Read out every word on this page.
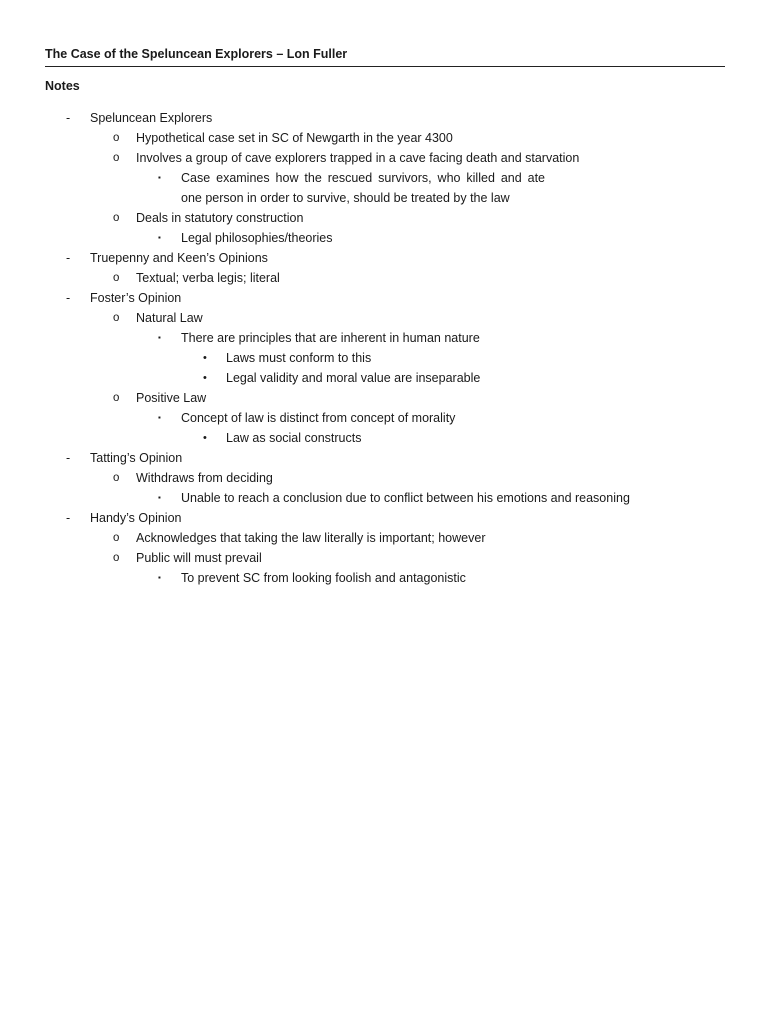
The Case of the Speluncean Explorers – Lon Fuller
Notes
-	Speluncean Explorers
o	Hypothetical case set in SC of Newgarth in the year 4300
o	Involves a group of cave explorers trapped in a cave facing death and starvation
▪	Case examines how the rescued survivors, who killed and ate one person in order to survive, should be treated by the law
o	Deals in statutory construction
▪	Legal philosophies/theories
-	Truepenny and Keen’s Opinions
o	Textual; verba legis; literal
-	Foster’s Opinion
o	Natural Law
▪	There are principles that are inherent in human nature
•	Laws must conform to this
•	Legal validity and moral value are inseparable
o	Positive Law
▪	Concept of law is distinct from concept of morality
•	Law as social constructs
-	Tatting’s Opinion
o	Withdraws from deciding
▪	Unable to reach a conclusion due to conflict between his emotions and reasoning
-	Handy’s Opinion
o	Acknowledges that taking the law literally is important; however
o	Public will must prevail
▪	To prevent SC from looking foolish and antagonistic
